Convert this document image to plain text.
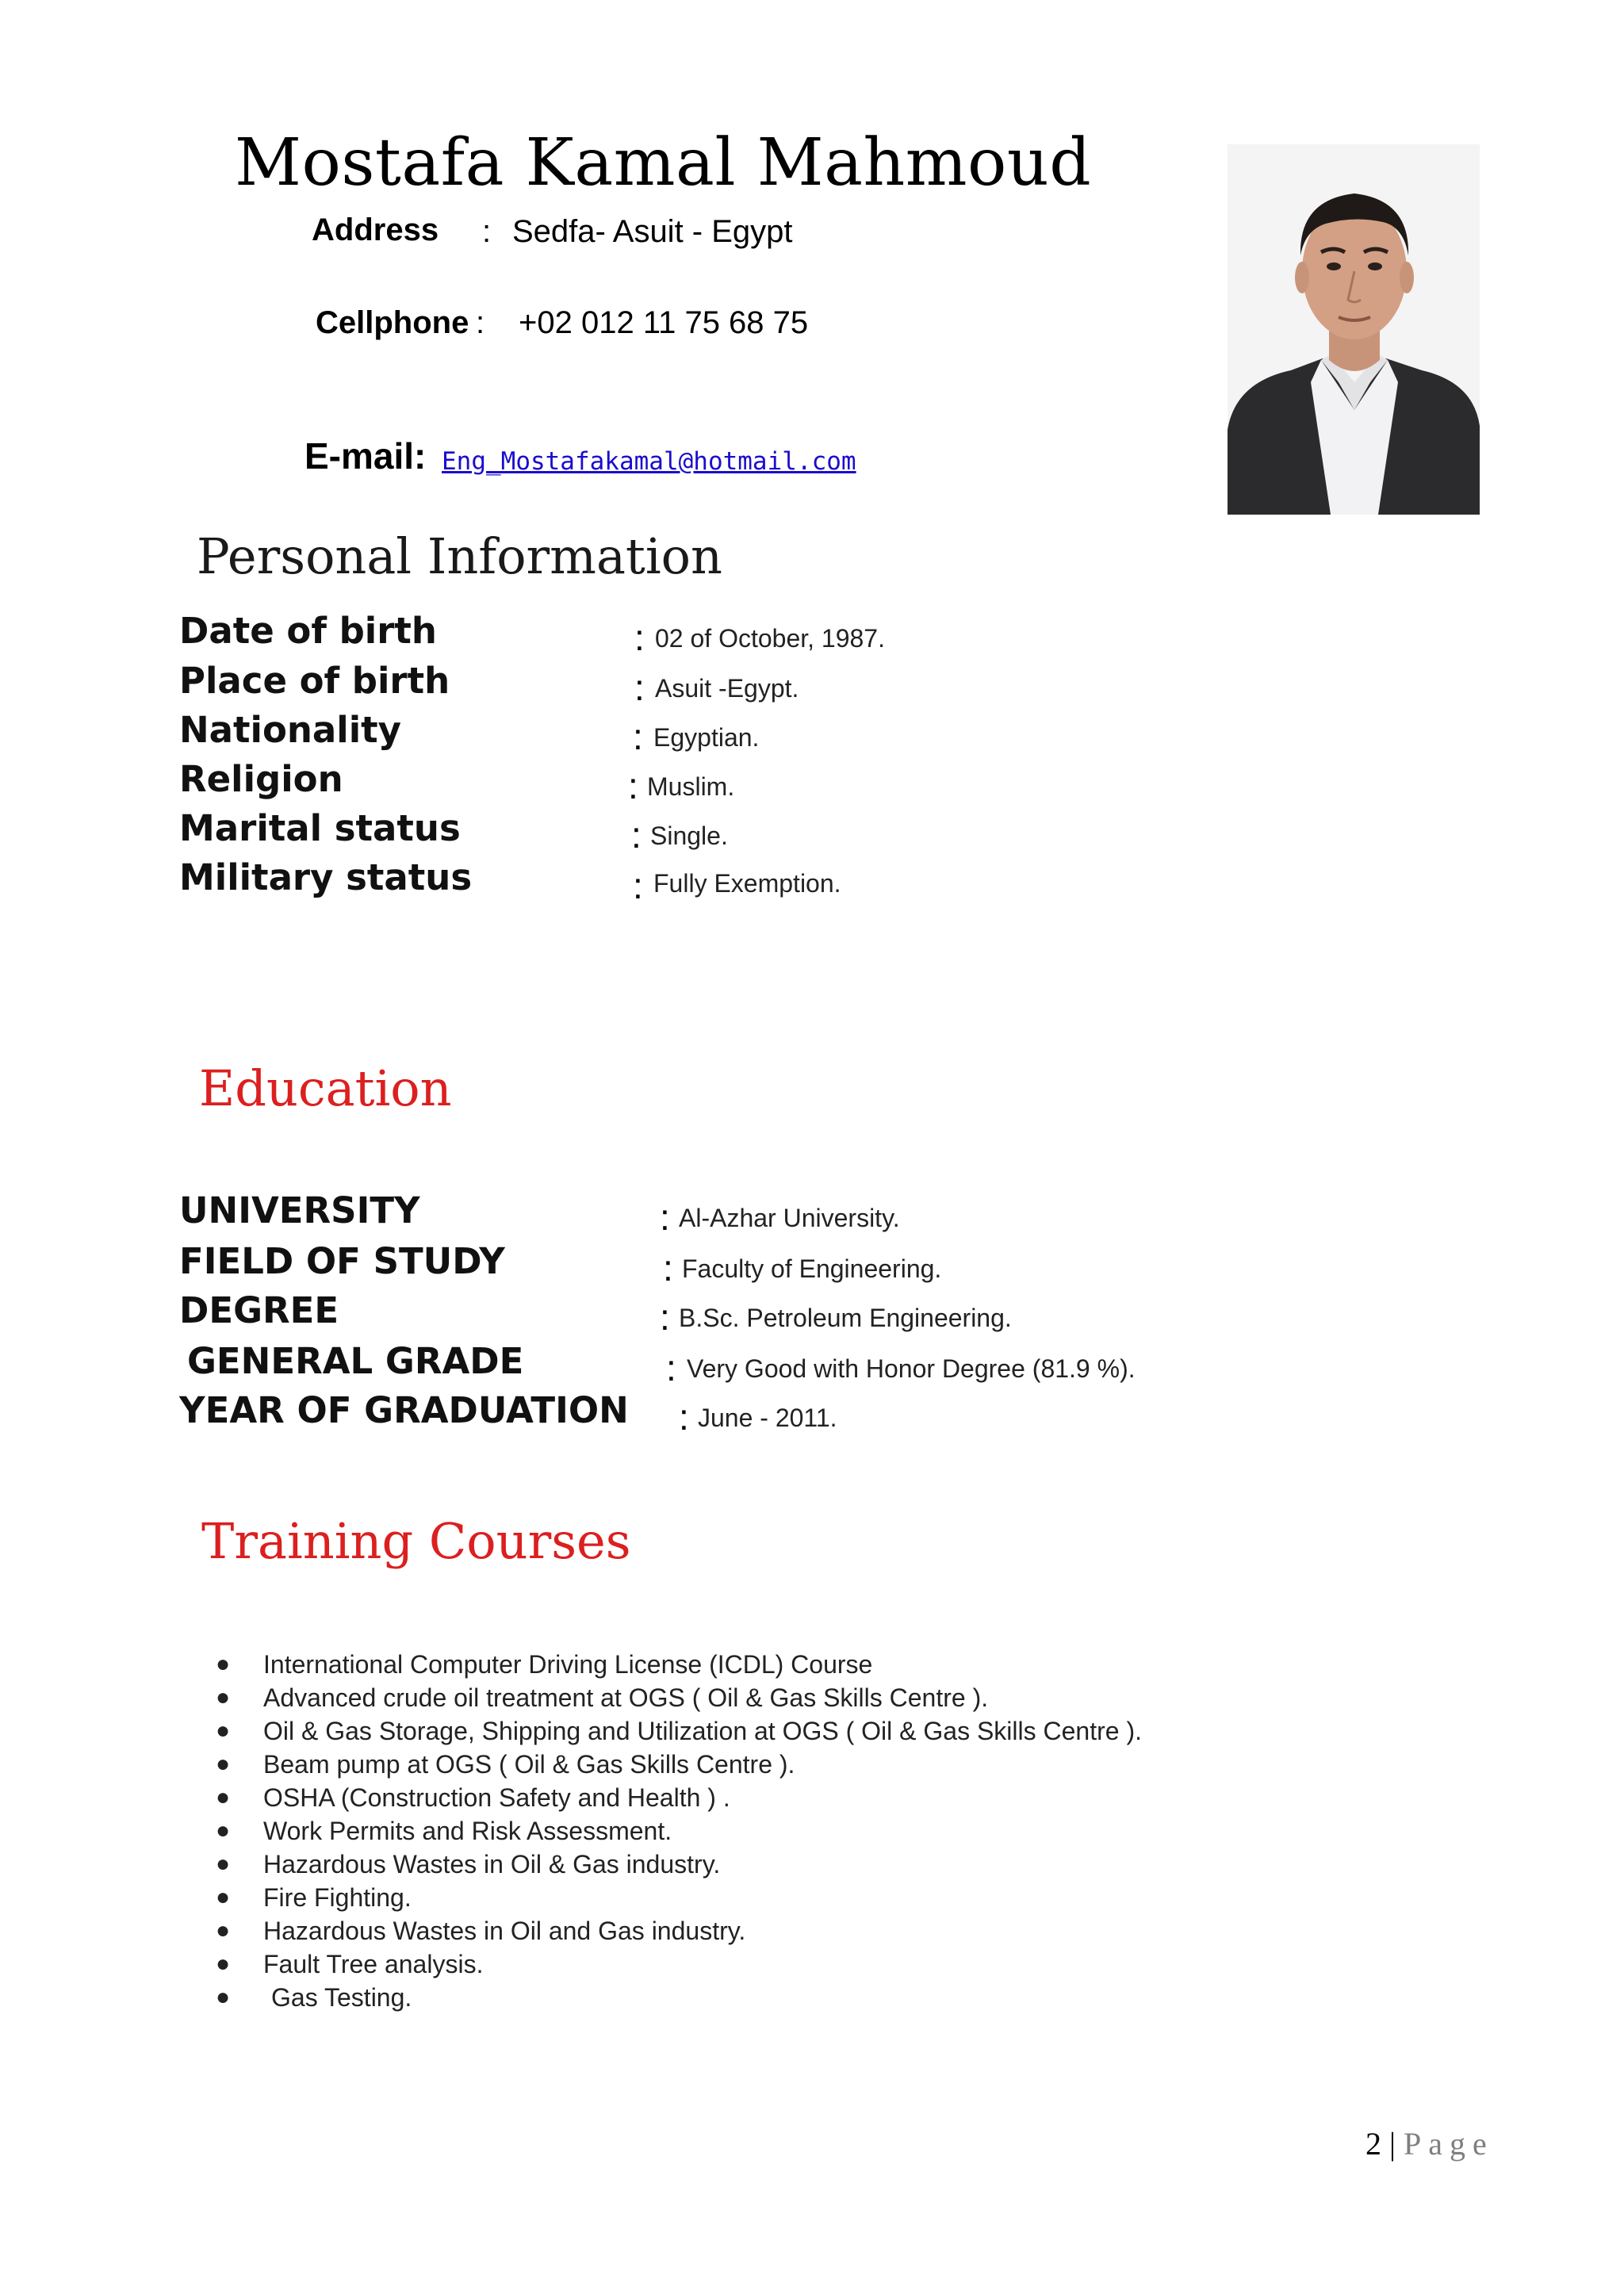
Mostafa Kamal Mahmoud
Address : Sedfa- Asuit - Egypt
Cellphone : +02 012 11 75 68 75
E-mail: Eng_Mostafakamal@hotmail.com
Personal Information
Date of birth	: 02 of October, 1987.
Place of birth	: Asuit -Egypt.
Nationality	: Egyptian.
Religion	: Muslim.
Marital status	: Single.
Military status	: Fully Exemption.
Education
UNIVERSITY	: Al-Azhar University.
FIELD OF STUDY	: Faculty of Engineering.
DEGREE	: B.Sc. Petroleum Engineering.
GENERAL GRADE	: Very Good with Honor Degree (81.9 %).
YEAR OF GRADUATION : June - 2011.
Training Courses
● International Computer Driving License (ICDL) Course
● Advanced crude oil treatment at OGS ( Oil & Gas Skills Centre ).
● Oil & Gas Storage, Shipping and Utilization at OGS ( Oil & Gas Skills Centre ).
● Beam pump at OGS ( Oil & Gas Skills Centre ).
● OSHA (Construction Safety and Health ) .
● Work Permits and Risk Assessment.
● Hazardous Wastes in Oil & Gas industry.
● Fire Fighting.
● Hazardous Wastes in Oil and Gas industry.
● Fault Tree analysis.
● Gas Testing.
2 | Page
